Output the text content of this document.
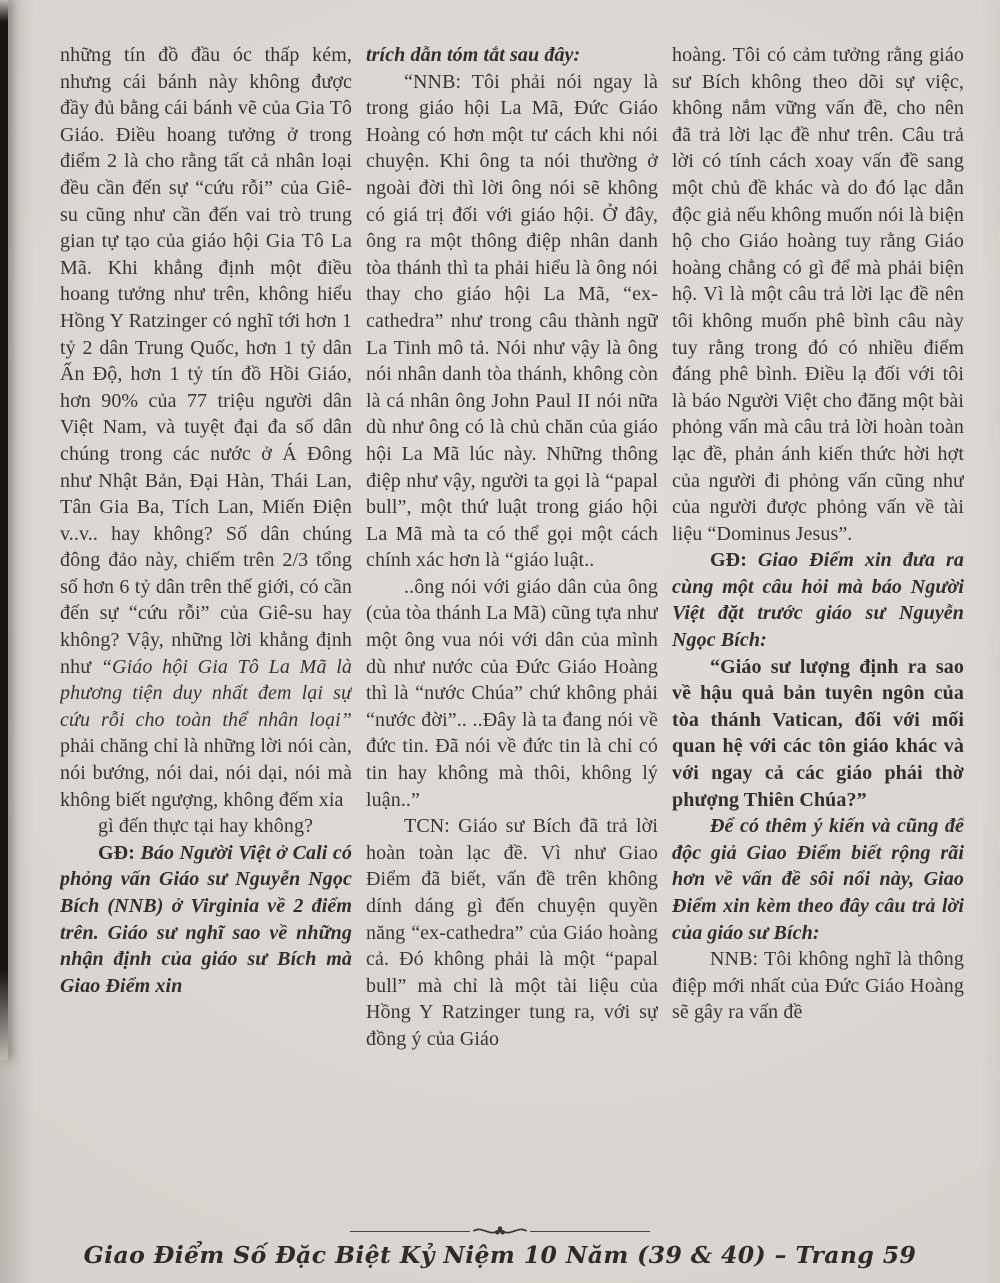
những tín đồ đầu óc thấp kém, nhưng cái bánh này không được đầy đủ bằng cái bánh vẽ của Gia Tô Giáo. Điều hoang tưởng ở trong điểm 2 là cho rằng tất cả nhân loại đều cần đến sự “cứu rỗi” của Giê-su cũng như cần đến vai trò trung gian tự tạo của giáo hội Gia Tô La Mã. Khi khẳng định một điều hoang tưởng như trên, không hiểu Hồng Y Ratzinger có nghĩ tới hơn 1 tỷ 2 dân Trung Quốc, hơn 1 tỷ dân Ấn Độ, hơn 1 tỷ tín đồ Hồi Giáo, hơn 90% của 77 triệu người dân Việt Nam, và tuyệt đại đa số dân chúng trong các nước ở Á Đông như Nhật Bản, Đại Hàn, Thái Lan, Tân Gia Ba, Tích Lan, Miến Điện v..v.. hay không? Số dân chúng đông đảo này, chiếm trên 2/3 tổng số hơn 6 tỷ dân trên thế giới, có cần đến sự “cứu rỗi” của Giê-su hay không? Vậy, những lời khẳng định như “Giáo hội Gia Tô La Mã là phương tiện duy nhất đem lại sự cứu rỗi cho toàn thể nhân loại” phải chăng chỉ là những lời nói càn, nói bướng, nói dai, nói dại, nói mà không biết ngượng, không đếm xỉa

gì đến thực tại hay không?

GĐ: Báo Người Việt ở Cali có phỏng vấn Giáo sư Nguyễn Ngọc Bích (NNB) ở Virginia về 2 điểm trên. Giáo sư nghĩ sao về những nhận định của giáo sư Bích mà Giao Điểm xin

trích dẫn tóm tắt sau đây:

“NNB: Tôi phải nói ngay là trong giáo hội La Mã, Đức Giáo Hoàng có hơn một tư cách khi nói chuyện. Khi ông ta nói thường ở ngoài đời thì lời ông nói sẽ không có giá trị đối với giáo hội. Ở đây, ông ra một thông điệp nhân danh tòa thánh thì ta phải hiểu là ông nói thay cho giáo hội La Mã, “ex-cathedra” như trong câu thành ngữ La Tinh mô tả. Nói như vậy là ông nói nhân danh tòa thánh, không còn là cá nhân ông John Paul II nói nữa dù như ông có là chủ chăn của giáo hội La Mã lúc này. Những thông điệp như vậy, người ta gọi là “papal bull”, một thứ luật trong giáo hội La Mã mà ta có thể gọi một cách chính xác hơn là “giáo luật..

..ông nói với giáo dân của ông (của tòa thánh La Mã) cũng tựa như một ông vua nói với dân của mình dù như nước của Đức Giáo Hoàng thì là “nước Chúa” chứ không phải “nước đời”.. ..Đây là ta đang nói về đức tin. Đã nói về đức tin là chỉ có tin hay không mà thôi, không lý luận..”

TCN: Giáo sư Bích đã trả lời hoàn toàn lạc đề. Vì như Giao Điểm đã biết, vấn đề trên không dính dáng gì đến chuyện quyền năng “ex-cathedra” của Giáo hoàng cả. Đó không phải là một “papal bull” mà chỉ là một tài liệu của Hồng Y Ratzinger tung ra, với sự đồng ý của Giáo

hoàng. Tôi có cảm tưởng rằng giáo sư Bích không theo dõi sự việc, không nắm vững vấn đề, cho nên đã trả lời lạc đề như trên. Câu trả lời có tính cách xoay vấn đề sang một chủ đề khác và do đó lạc dẫn độc giả nếu không muốn nói là biện hộ cho Giáo hoàng tuy rằng Giáo hoàng chẳng có gì để mà phải biện hộ. Vì là một câu trả lời lạc đề nên tôi không muốn phê bình câu này tuy rằng trong đó có nhiều điểm đáng phê bình. Điều lạ đối với tôi là báo Người Việt cho đăng một bài phỏng vấn mà câu trả lời hoàn toàn lạc đề, phản ánh kiến thức hời hợt của người đi phỏng vấn cũng như của người được phỏng vấn về tài liệu “Dominus Jesus”.

GĐ: Giao Điểm xin đưa ra cùng một câu hỏi mà báo Người Việt đặt trước giáo sư Nguyễn Ngọc Bích:

“Giáo sư lượng định ra sao về hậu quả bản tuyên ngôn của tòa thánh Vatican, đối với mối quan hệ với các tôn giáo khác và với ngay cả các giáo phái thờ phượng Thiên Chúa?”

Để có thêm ý kiến và cũng để độc giả Giao Điểm biết rộng rãi hơn về vấn đề sôi nổi này, Giao Điểm xin kèm theo đây câu trả lời của giáo sư Bích:

NNB: Tôi không nghĩ là thông điệp mới nhất của Đức Giáo Hoàng sẽ gây ra vấn đề

Giao Điểm Số Đặc Biệt Kỷ Niệm 10 Năm (39 & 40) – Trang 59
